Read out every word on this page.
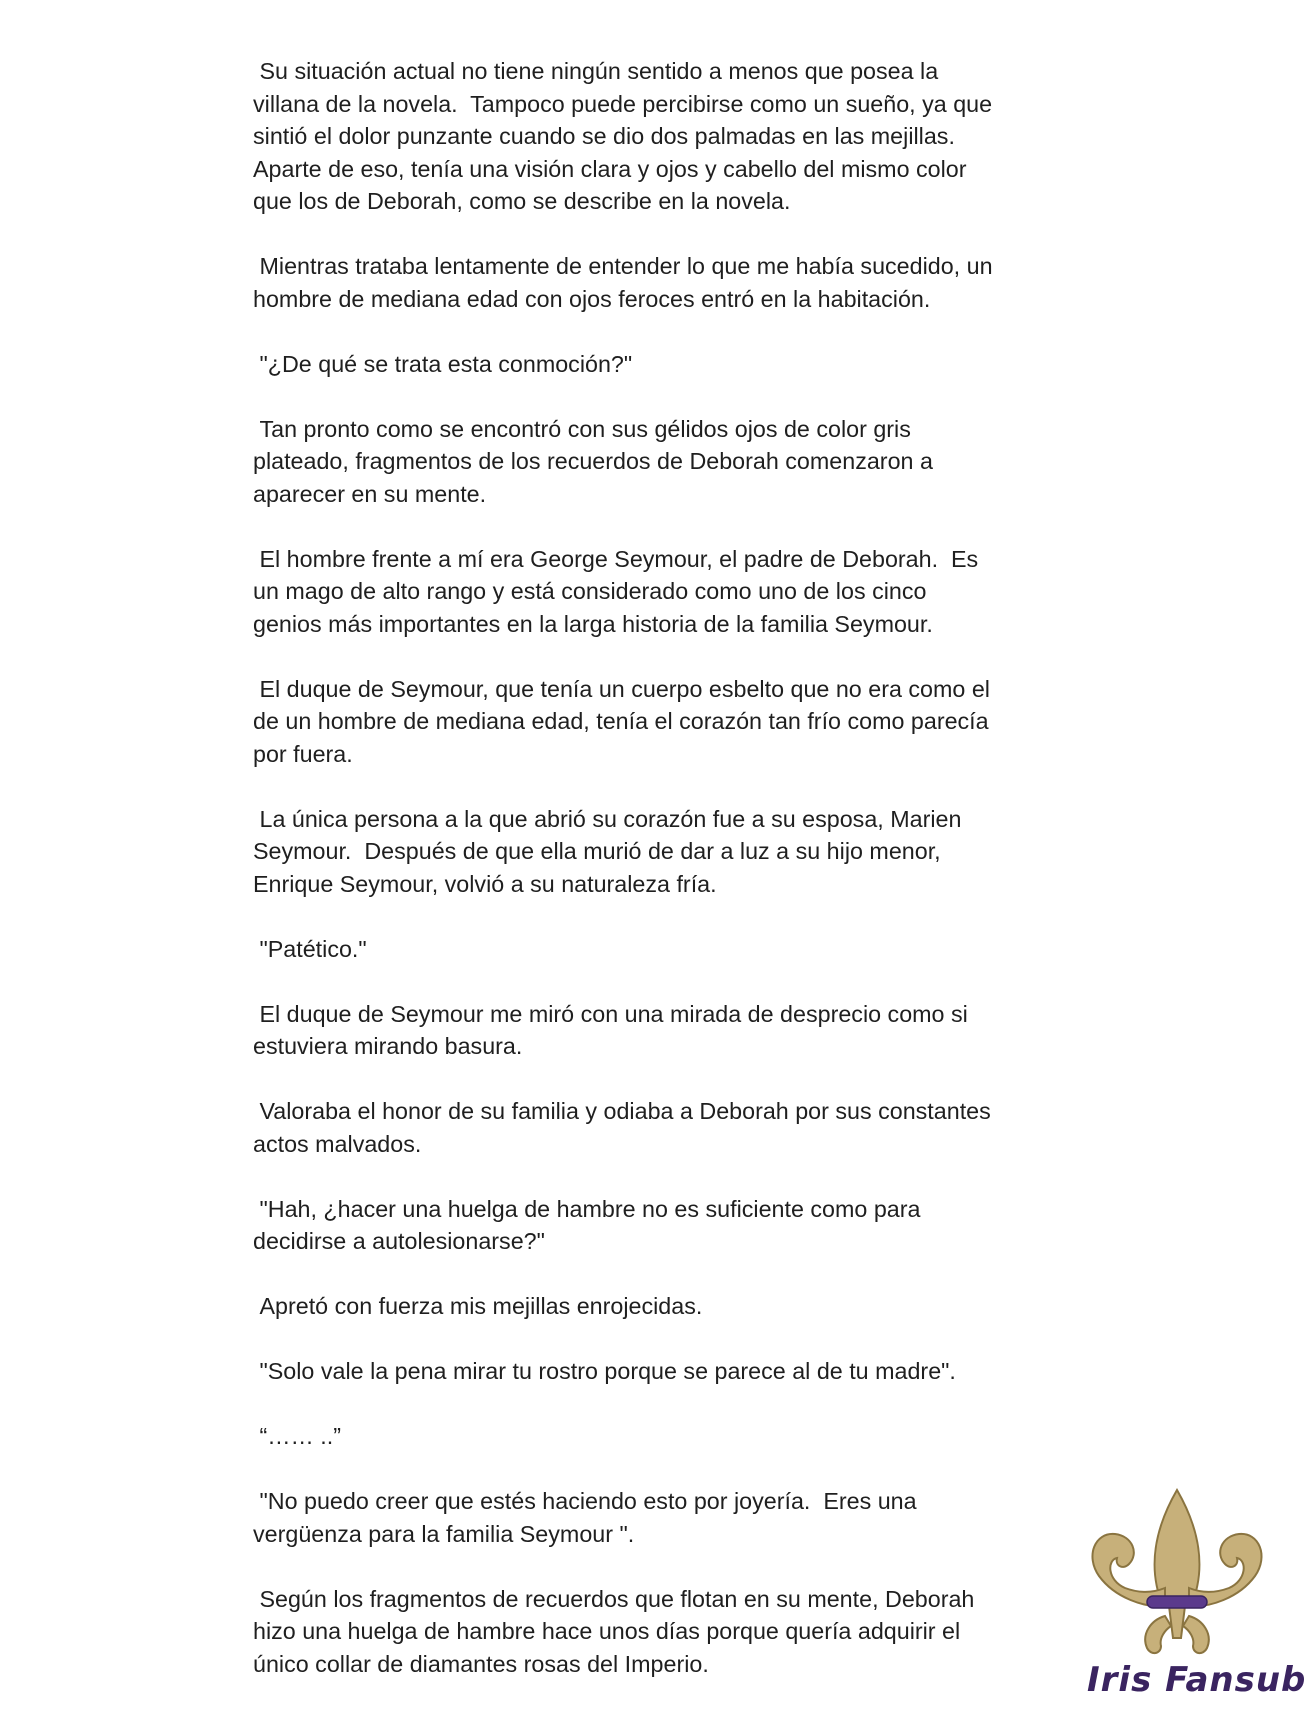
Su situación actual no tiene ningún sentido a menos que posea la
villana de la novela.  Tampoco puede percibirse como un sueño, ya que
sintió el dolor punzante cuando se dio dos palmadas en las mejillas.
Aparte de eso, tenía una visión clara y ojos y cabello del mismo color
que los de Deborah, como se describe en la novela.

Mientras trataba lentamente de entender lo que me había sucedido, un
hombre de mediana edad con ojos feroces entró en la habitación.

"¿De qué se trata esta conmoción?"

Tan pronto como se encontró con sus gélidos ojos de color gris
plateado, fragmentos de los recuerdos de Deborah comenzaron a
aparecer en su mente.

El hombre frente a mí era George Seymour, el padre de Deborah.  Es
un mago de alto rango y está considerado como uno de los cinco
genios más importantes en la larga historia de la familia Seymour.

El duque de Seymour, que tenía un cuerpo esbelto que no era como el
de un hombre de mediana edad, tenía el corazón tan frío como parecía
por fuera.

La única persona a la que abrió su corazón fue a su esposa, Marien
Seymour.  Después de que ella murió de dar a luz a su hijo menor,
Enrique Seymour, volvió a su naturaleza fría.

"Patético."

El duque de Seymour me miró con una mirada de desprecio como si
estuviera mirando basura.

Valoraba el honor de su familia y odiaba a Deborah por sus constantes
actos malvados.

"Hah, ¿hacer una huelga de hambre no es suficiente como para
decidirse a autolesionarse?"

Apretó con fuerza mis mejillas enrojecidas.

"Solo vale la pena mirar tu rostro porque se parece al de tu madre".

“…… ..”

"No puedo creer que estés haciendo esto por joyería.  Eres una
vergüenza para la familia Seymour ".

Según los fragmentos de recuerdos que flotan en su mente, Deborah
hizo una huelga de hambre hace unos días porque quería adquirir el
único collar de diamantes rosas del Imperio.	Iris Fansub
